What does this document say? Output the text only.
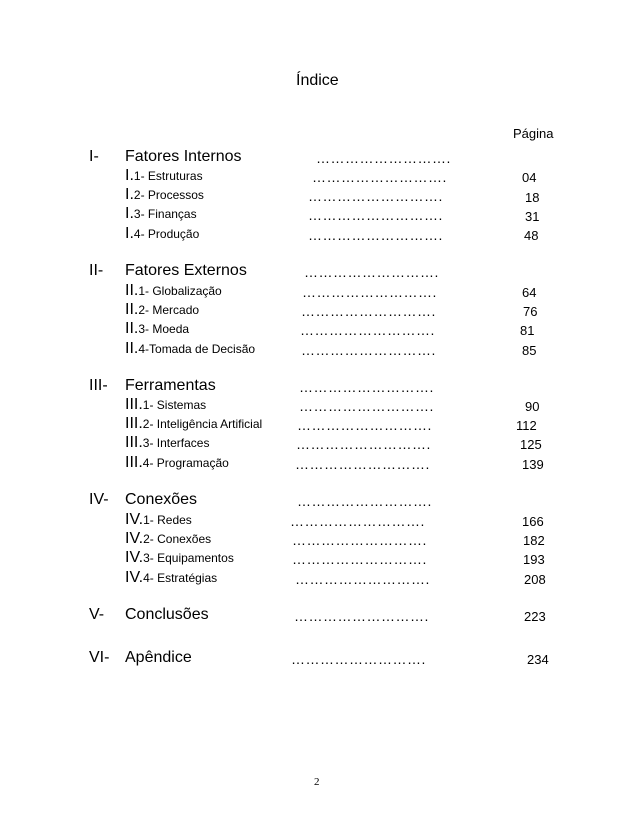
Índice
Página
I- Fatores Internos	……………………….
I.1- Estruturas	……………………….	04
I.2- Processos	……………………….	18
I.3- Finanças	……………………….	31
I.4- Produção	……………………….	48
II- Fatores Externos	……………………….
II.1- Globalização	……………………….	64
II.2- Mercado	……………………….	76
II.3- Moeda	……………………….	81
II.4-Tomada de Decisão	……………………….	85
III- Ferramentas	……………………….
III.1- Sistemas	……………………….	90
III.2- Inteligência Artificial ……………………….	112
III.3- Interfaces	……………………….	125
III.4- Programação	……………………….	139
IV- Conexões	……………………….
IV.1- Redes	……………………….	166
IV.2- Conexões	……………………….	182
IV.3- Equipamentos	……………………….	193
IV.4- Estratégias	……………………….	208
V- Conclusões	……………………….	223
VI- Apêndice	……………………….	234
2
